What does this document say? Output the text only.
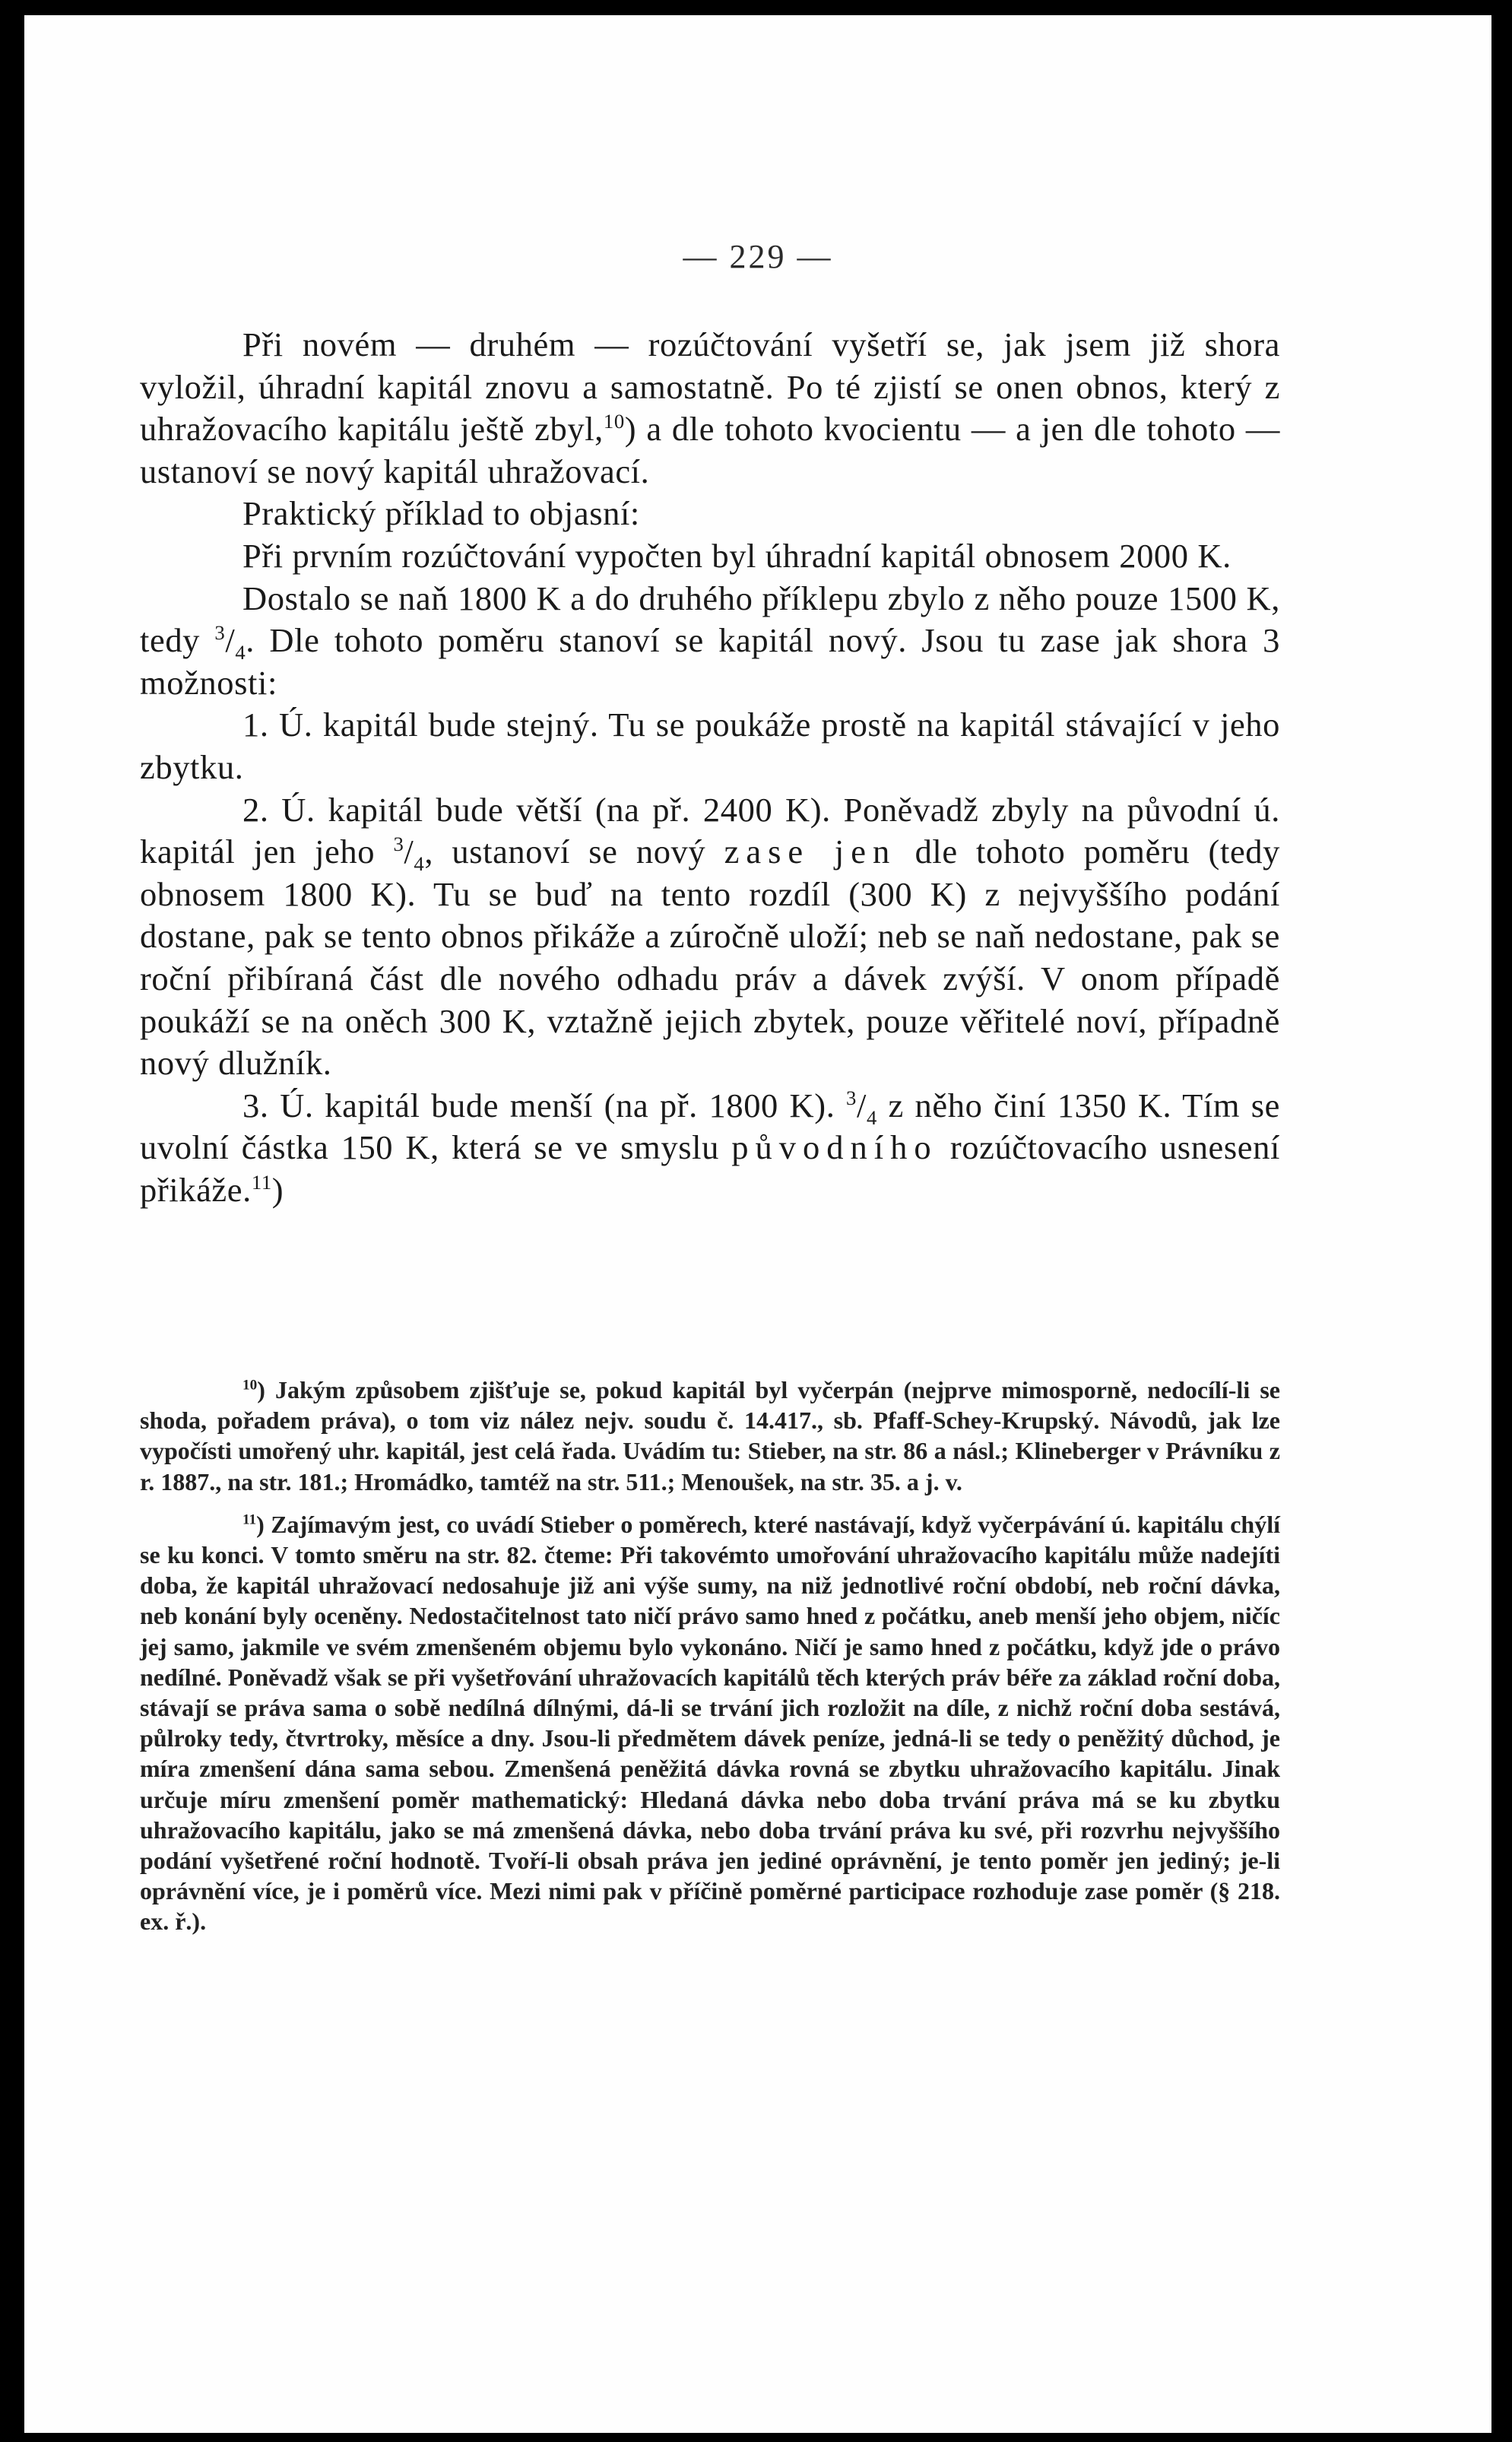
— 229 —

Při novém — druhém — rozúčtování vyšetří se, jak jsem již shora vyložil, úhradní kapitál znovu a samostatně. Po té zjistí se onen obnos, který z uhražovacího kapitálu ještě zbyl,$^{10}$) a dle tohoto kvocientu — a jen dle tohoto — ustanoví se nový kapitál uhražovací.

Praktický příklad to objasní:

Při prvním rozúčtování vypočten byl úhradní kapitál obnosem 2000 K.

Dostalo se naň 1800 K a do druhého příklepu zbylo z něho pouze 1500 K, tedy $^3/_4$. Dle tohoto poměru stanoví se kapitál nový. Jsou tu zase jak shora 3 možnosti:

1. Ú. kapitál bude stejný. Tu se poukáže prostě na kapitál stávající v jeho zbytku.

2. Ú. kapitál bude větší (na př. 2400 K). Poněvadž zbyly na původní ú. kapitál jen jeho $^3/_4$, ustanoví se nový zase jen dle tohoto poměru (tedy obnosem 1800 K). Tu se buď na tento rozdíl (300 K) z nejvyššího podání dostane, pak se tento obnos přikáže a zúročně uloží; neb se naň nedostane, pak se roční přibíraná část dle nového odhadu práv a dávek zvýší. V onom případě poukáží se na oněch 300 K, vztažně jejich zbytek, pouze věřitelé noví, případně nový dlužník.

3. Ú. kapitál bude menší (na př. 1800 K). $^3/_4$ z něho činí 1350 K. Tím se uvolní částka 150 K, která se ve smyslu původního rozúčtovacího usnesení přikáže.$^{11}$)

$^{10}$) Jakým způsobem zjišťuje se, pokud kapitál byl vyčerpán (nejprve mimosporně, nedocílí-li se shoda, pořadem práva), o tom viz nález nejv. soudu č. 14.417., sb. Pfaff-Schey-Krupský. Návodů, jak lze vypočísti umořený uhr. kapitál, jest celá řada. Uvádím tu: Stieber, na str. 86 a násl.; Klineberger v Právníku z r. 1887., na str. 181.; Hromádko, tamtéž na str. 511.; Menoušek, na str. 35. a j. v.

$^{11}$) Zajímavým jest, co uvádí Stieber o poměrech, které nastávají, když vyčerpávání ú. kapitálu chýlí se ku konci. V tomto směru na str. 82. čteme: Při takovémto umořování uhražovacího kapitálu může nadejíti doba, že kapitál uhražovací nedosahuje již ani výše sumy, na niž jednotlivé roční období, neb roční dávka, neb konání byly oceněny. Nedostačitelnost tato ničí právo samo hned z počátku, aneb menší jeho objem, ničíc jej samo, jakmile ve svém zmenšeném objemu bylo vykonáno. Ničí je samo hned z počátku, když jde o právo nedílné. Poněvadž však se při vyšetřování uhražovacích kapitálů těch kterých práv béře za základ roční doba, stávají se práva sama o sobě nedílná dílnými, dá-li se trvání jich rozložit na díle, z nichž roční doba sestává, půlroky tedy, čtvrtroky, měsíce a dny. Jsou-li předmětem dávek peníze, jedná-li se tedy o peněžitý důchod, je míra zmenšení dána sama sebou. Zmenšená peněžitá dávka rovná se zbytku uhražovacího kapitálu. Jinak určuje míru zmenšení poměr mathematický: Hledaná dávka nebo doba trvání práva má se ku zbytku uhražovacího kapitálu, jako se má zmenšená dávka, nebo doba trvání práva ku své, při rozvrhu nejvyššího podání vyšetřené roční hodnotě. Tvoří-li obsah práva jen jediné oprávnění, je tento poměr jen jediný; je-li oprávnění více, je i poměrů více. Mezi nimi pak v příčině poměrné participace rozhoduje zase poměr (§ 218. ex. ř.).
